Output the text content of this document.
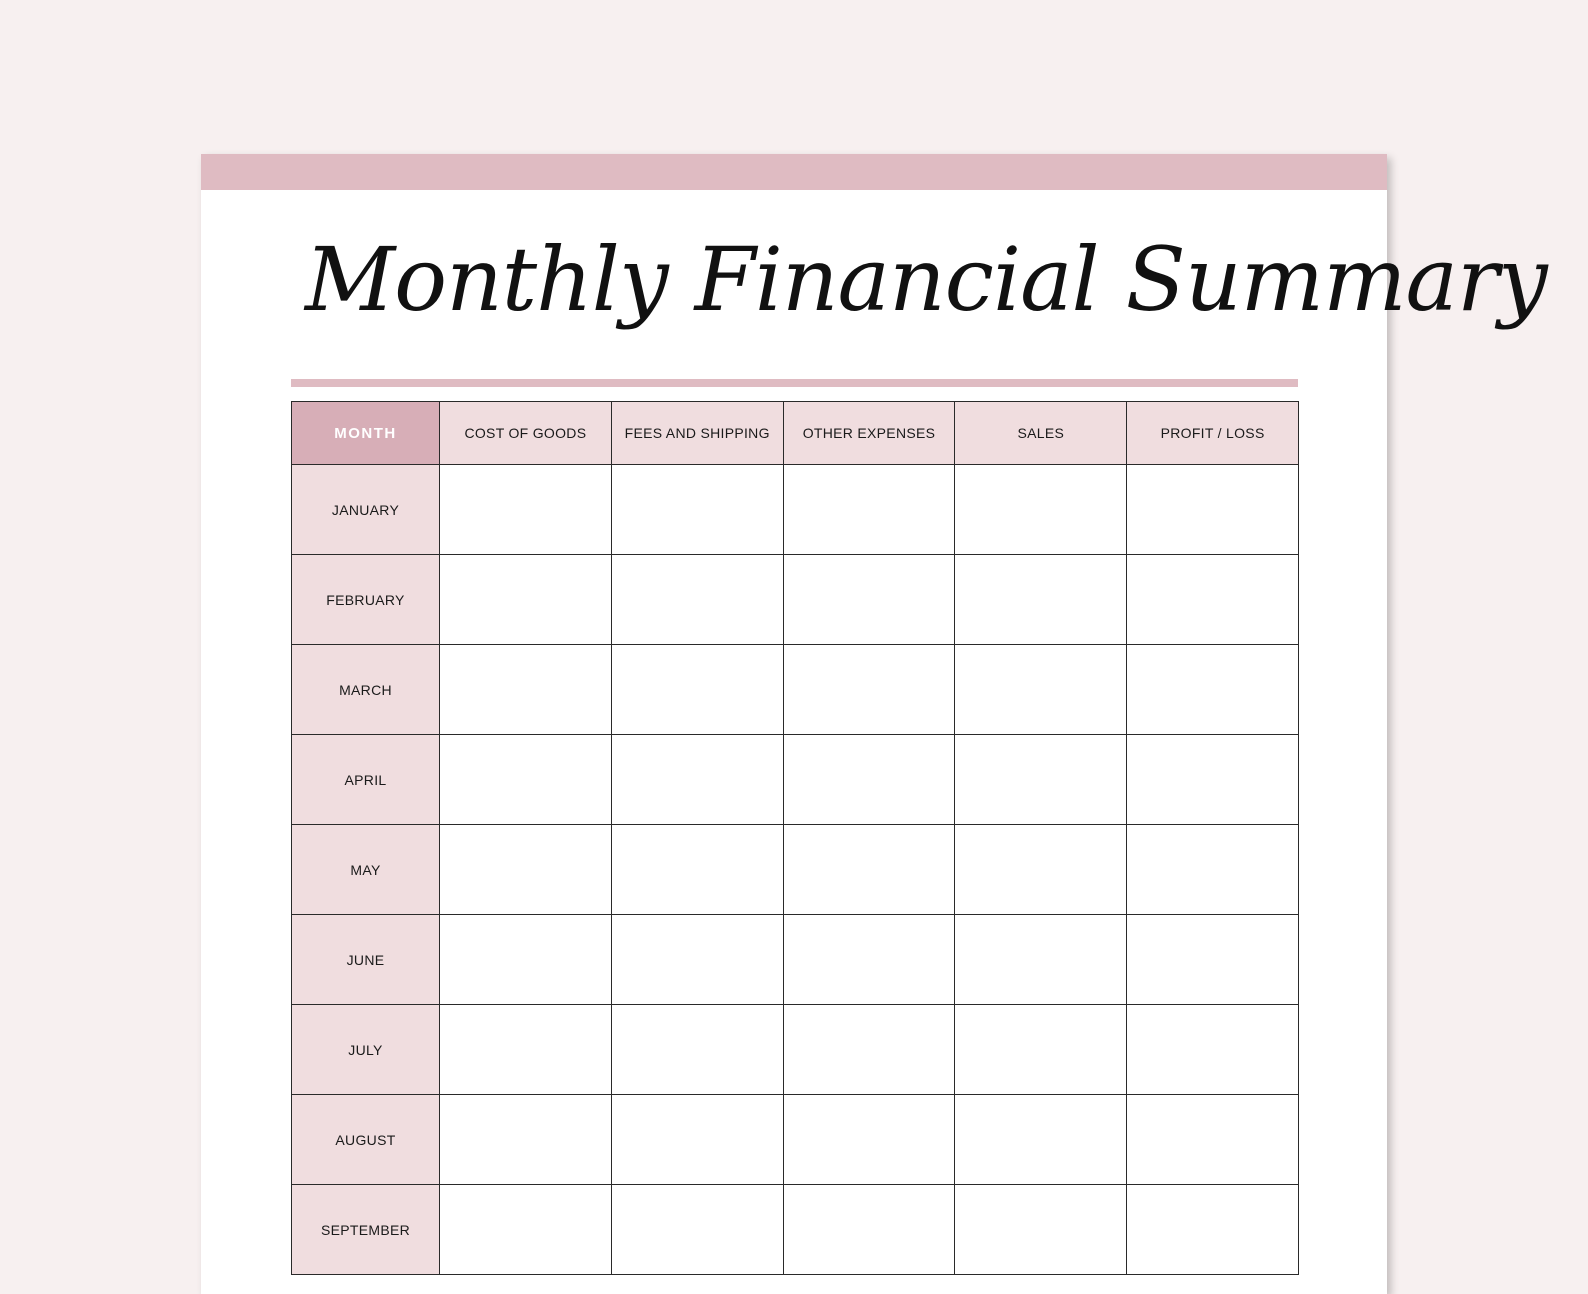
Monthly Financial Summary
MONTH	COST OF GOODS	FEES AND SHIPPING	OTHER EXPENSES	SALES	PROFIT / LOSS
JANUARY					
FEBRUARY					
MARCH					
APRIL					
MAY					
JUNE					
JULY					
AUGUST					
SEPTEMBER					
